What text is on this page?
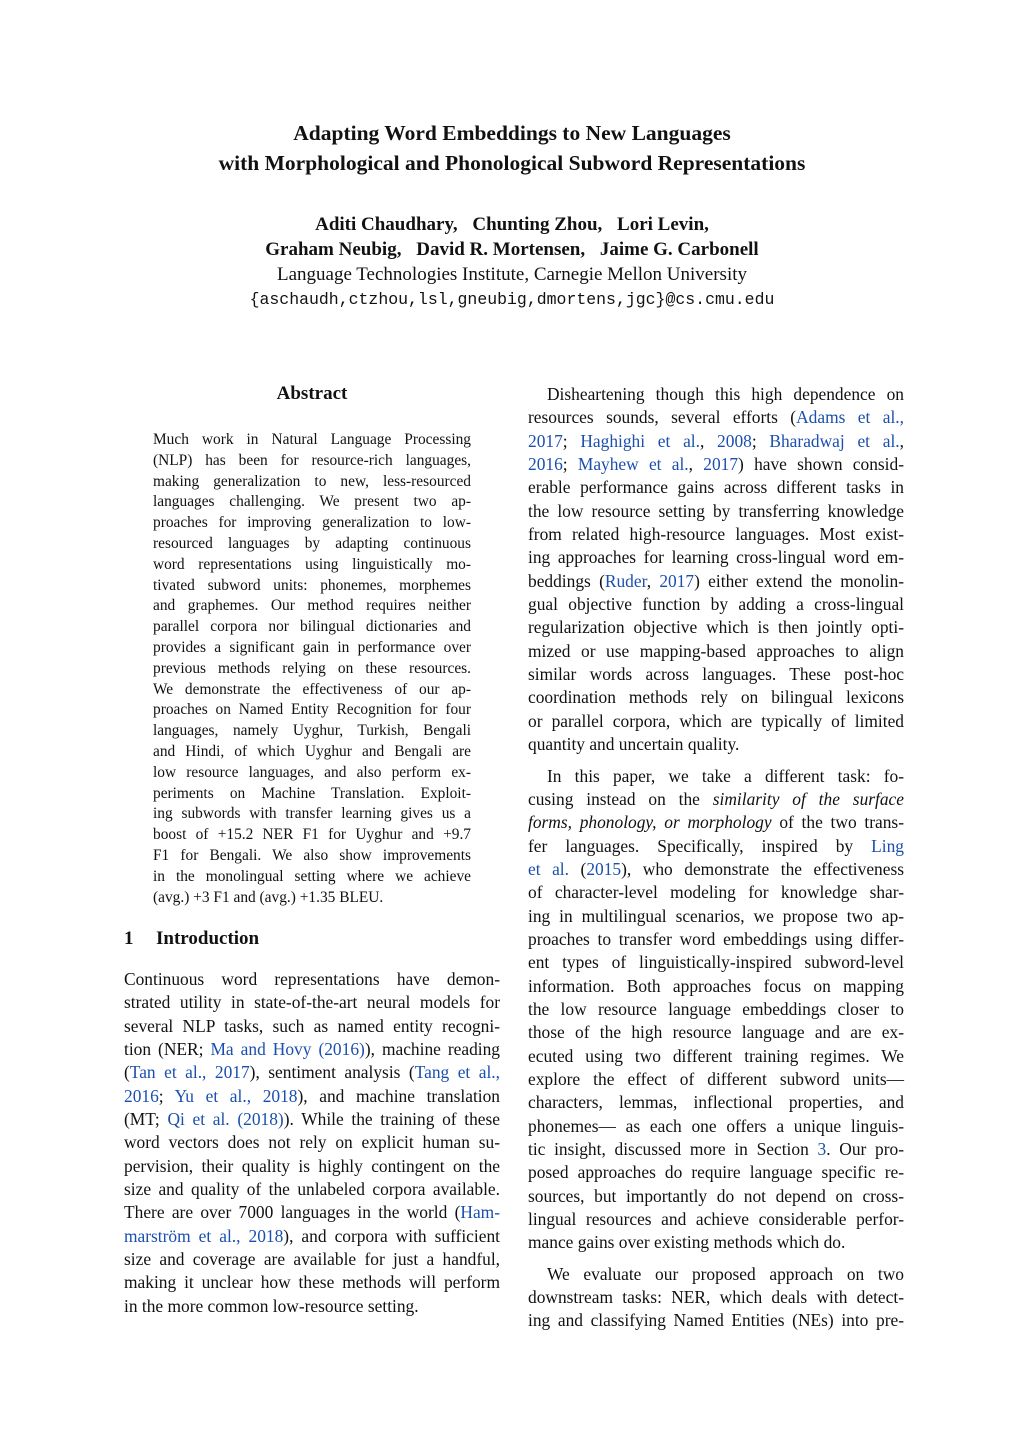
Adapting Word Embeddings to New Languages
with Morphological and Phonological Subword Representations
Aditi Chaudhary, Chunting Zhou, Lori Levin,
Graham Neubig, David R. Mortensen, Jaime G. Carbonell
Language Technologies Institute, Carnegie Mellon University
{aschaudh,ctzhou,lsl,gneubig,dmortens,jgc}@cs.cmu.edu
Abstract
Much work in Natural Language Processing
(NLP) has been for resource-rich languages,
making generalization to new, less-resourced
languages challenging. We present two ap-
proaches for improving generalization to low-
resourced languages by adapting continuous
word representations using linguistically mo-
tivated subword units: phonemes, morphemes
and graphemes. Our method requires neither
parallel corpora nor bilingual dictionaries and
provides a significant gain in performance over
previous methods relying on these resources.
We demonstrate the effectiveness of our ap-
proaches on Named Entity Recognition for four
languages, namely Uyghur, Turkish, Bengali
and Hindi, of which Uyghur and Bengali are
low resource languages, and also perform ex-
periments on Machine Translation. Exploit-
ing subwords with transfer learning gives us a
boost of +15.2 NER F1 for Uyghur and +9.7
F1 for Bengali. We also show improvements
in the monolingual setting where we achieve
(avg.) +3 F1 and (avg.) +1.35 BLEU.
1 Introduction
Continuous word representations have demon-
strated utility in state-of-the-art neural models for
several NLP tasks, such as named entity recogni-
tion (NER; Ma and Hovy (2016)), machine reading
(Tan et al., 2017), sentiment analysis (Tang et al.,
2016; Yu et al., 2018), and machine translation
(MT; Qi et al. (2018)). While the training of these
word vectors does not rely on explicit human su-
pervision, their quality is highly contingent on the
size and quality of the unlabeled corpora available.
There are over 7000 languages in the world (Ham-
marström et al., 2018), and corpora with sufficient
size and coverage are available for just a handful,
making it unclear how these methods will perform
in the more common low-resource setting.
Disheartening though this high dependence on
resources sounds, several efforts (Adams et al.,
2017; Haghighi et al., 2008; Bharadwaj et al.,
2016; Mayhew et al., 2017) have shown consid-
erable performance gains across different tasks in
the low resource setting by transferring knowledge
from related high-resource languages. Most exist-
ing approaches for learning cross-lingual word em-
beddings (Ruder, 2017) either extend the monolin-
gual objective function by adding a cross-lingual
regularization objective which is then jointly opti-
mized or use mapping-based approaches to align
similar words across languages. These post-hoc
coordination methods rely on bilingual lexicons
or parallel corpora, which are typically of limited
quantity and uncertain quality.
In this paper, we take a different task: fo-
cusing instead on the similarity of the surface
forms, phonology, or morphology of the two trans-
fer languages. Specifically, inspired by Ling
et al. (2015), who demonstrate the effectiveness
of character-level modeling for knowledge shar-
ing in multilingual scenarios, we propose two ap-
proaches to transfer word embeddings using differ-
ent types of linguistically-inspired subword-level
information. Both approaches focus on mapping
the low resource language embeddings closer to
those of the high resource language and are ex-
ecuted using two different training regimes. We
explore the effect of different subword units—
characters, lemmas, inflectional properties, and
phonemes— as each one offers a unique linguis-
tic insight, discussed more in Section 3. Our pro-
posed approaches do require language specific re-
sources, but importantly do not depend on cross-
lingual resources and achieve considerable perfor-
mance gains over existing methods which do.
We evaluate our proposed approach on two
downstream tasks: NER, which deals with detect-
ing and classifying Named Entities (NEs) into pre-
